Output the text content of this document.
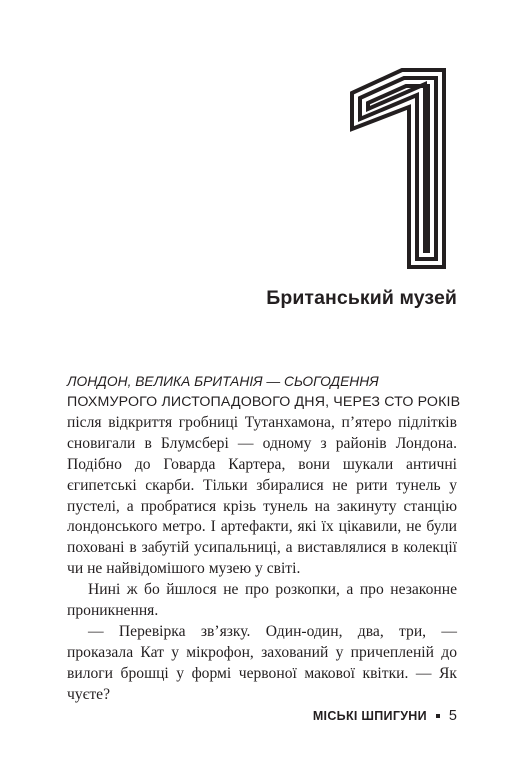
Британський музей
ЛОНДОН, ВЕЛИКА БРИТАНІЯ — СЬОГОДЕННЯ

ПОХМУРОГО ЛИСТОПАДОВОГО ДНЯ, ЧЕРЕЗ СТО РОКІВ
після відкриття гробниці Тутанхамона, п’ятеро підлітків сновигали в Блумсбері — одному з районів Лондона. Подібно до Говарда Картера, вони шукали античні єгипетські скарби. Тільки збиралися не рити тунель у пустелі, а пробратися крізь тунель на закинуту станцію лондонського метро. І артефакти, які їх цікавили, не були поховані в забутій усипальниці, а виставлялися в колекції чи не найвідомішого музею у світі.

Нині ж бо йшлося не про розкопки, а про незаконне проникнення.

— Перевірка зв’язку. Один-один, два, три, — проказала Кат у мікрофон, захований у причепленій до вилоги брошці у формі червоної макової квітки. — Як чуєте?

МІСЬКІ ШПИГУНИ 5
